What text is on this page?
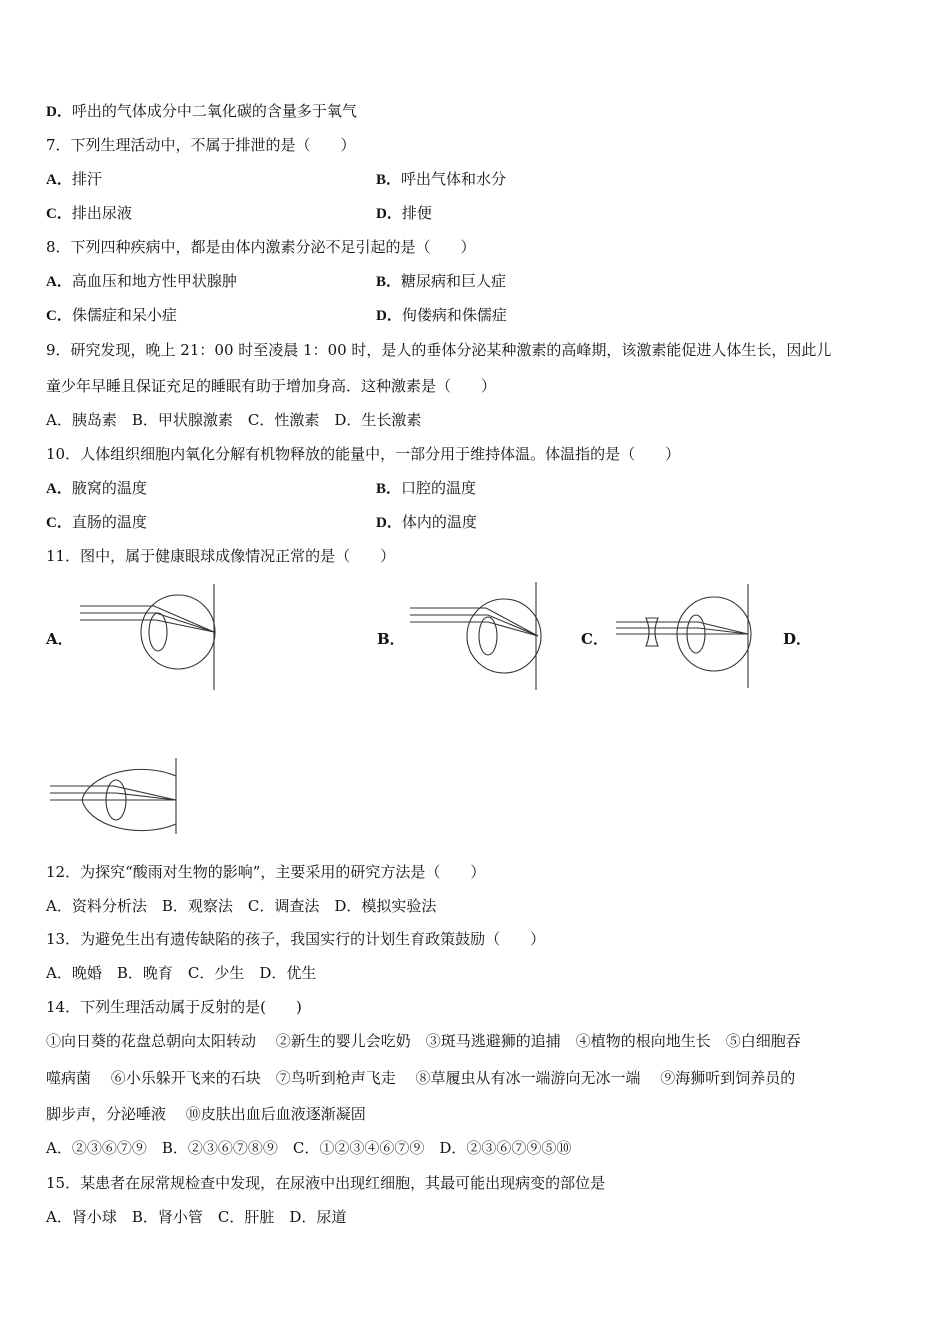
D．呼出的气体成分中二氧化碳的含量多于氧气
7．下列生理活动中，不属于排泄的是（　　）
A．排汗	B．呼出气体和水分
C．排出尿液	D．排便
8．下列四种疾病中，都是由体内激素分泌不足引起的是（　　）
A．高血压和地方性甲状腺肿	B．糖尿病和巨人症
C．侏儒症和呆小症	D．佝偻病和侏儒症
9．研究发现，晚上 21：00 时至凌晨 1：00 时，是人的垂体分泌某种激素的高峰期，该激素能促进人体生长，因此儿
童少年早睡且保证充足的睡眠有助于增加身高．这种激素是（　　）
A．胰岛素　B．甲状腺激素　C．性激素　D．生长激素
10．人体组织细胞内氧化分解有机物释放的能量中，一部分用于维持体温。体温指的是（　　）
A．腋窝的温度	B．口腔的温度
C．直肠的温度	D．体内的温度
11．图中，属于健康眼球成像情况正常的是（　　）
A．	B．	C．	D．
12．为探究“酸雨对生物的影响”，主要采用的研究方法是（　　）
A．资料分析法　B．观察法　C．调查法　D．模拟实验法
13．为避免生出有遗传缺陷的孩子，我国实行的计划生育政策鼓励（　　）
A．晚婚　B．晚育　C．少生　D．优生
14．下列生理活动属于反射的是(　　)
①向日葵的花盘总朝向太阳转动　 ②新生的婴儿会吃奶　③斑马逃避狮的追捕　④植物的根向地生长　⑤白细胞吞
噬病菌　 ⑥小乐躲开飞来的石块　⑦鸟听到枪声飞走　 ⑧草履虫从有冰一端游向无冰一端　 ⑨海狮听到饲养员的
脚步声，分泌唾液　 ⑩皮肤出血后血液逐渐凝固
A．②③⑥⑦⑨　B．②③⑥⑦⑧⑨　C．①②③④⑥⑦⑨　D．②③⑥⑦⑨⑤⑩
15．某患者在尿常规检查中发现，在尿液中出现红细胞，其最可能出现病变的部位是
A．肾小球　B．肾小管　C．肝脏　D．尿道
